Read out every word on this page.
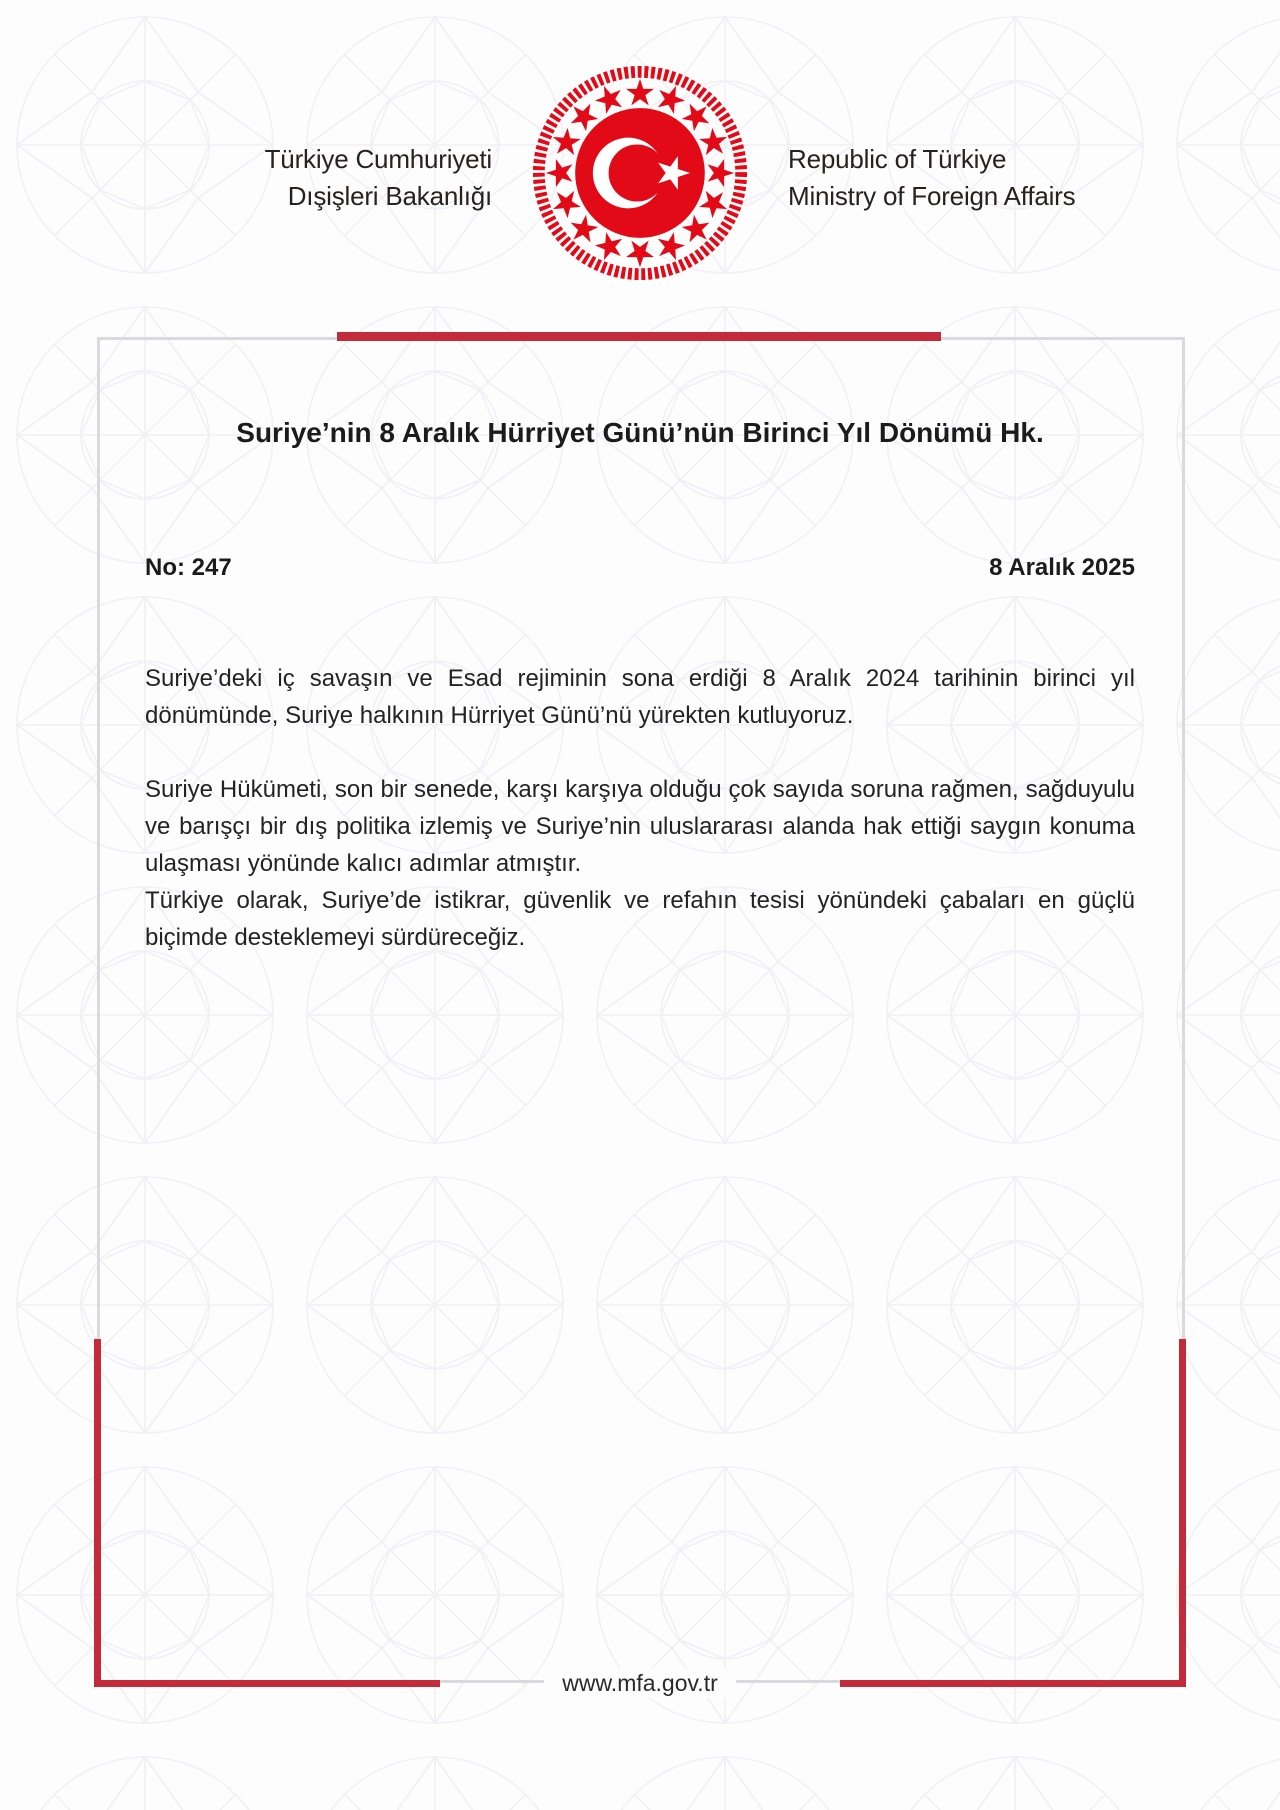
Türkiye Cumhuriyeti
Dışişleri Bakanlığı
Republic of Türkiye
Ministry of Foreign Affairs
Suriye’nin 8 Aralık Hürriyet Günü’nün Birinci Yıl Dönümü Hk.
No: 247	8 Aralık 2025

Suriye’deki iç savaşın ve Esad rejiminin sona erdiği 8 Aralık 2024 tarihinin birinci yıl dönümünde, Suriye halkının Hürriyet Günü’nü yürekten kutluyoruz.

Suriye Hükümeti, son bir senede, karşı karşıya olduğu çok sayıda soruna rağmen, sağduyulu ve barışçı bir dış politika izlemiş ve Suriye’nin uluslararası alanda hak ettiği saygın konuma ulaşması yönünde kalıcı adımlar atmıştır.

Türkiye olarak, Suriye’de istikrar, güvenlik ve refahın tesisi yönündeki çabaları en güçlü biçimde desteklemeyi sürdüreceğiz.

www.mfa.gov.tr
